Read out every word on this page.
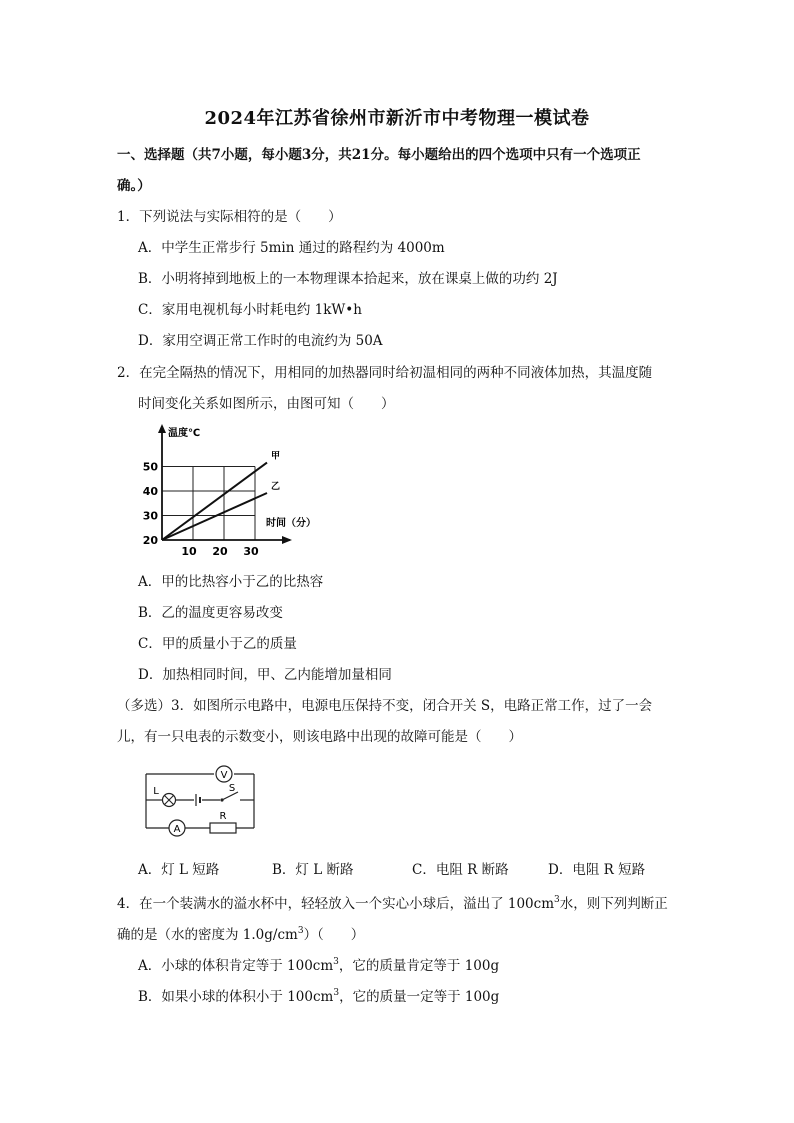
2024年江苏省徐州市新沂市中考物理一模试卷
一、选择题（共7小题，每小题3分，共21分。每小题给出的四个选项中只有一个选项正
确。）
1．下列说法与实际相符的是（　　）
A．中学生正常步行 5min 通过的路程约为 4000m
B．小明将掉到地板上的一本物理课本拾起来，放在课桌上做的功约 2J
C．家用电视机每小时耗电约 1kW•h
D．家用空调正常工作时的电流约为 50A
2．在完全隔热的情况下，用相同的加热器同时给初温相同的两种不同液体加热，其温度随
时间变化关系如图所示，由图可知（　　）
甲
乙
20
30
40
50
10 20 30
温度℃
时间（分）
A．甲的比热容小于乙的比热容
B．乙的温度更容易改变
C．甲的质量小于乙的质量
D．加热相同时间，甲、乙内能增加量相同
（多选）3．如图所示电路中，电源电压保持不变，闭合开关 S，电路正常工作，过了一会
儿，有一只电表的示数变小，则该电路中出现的故障可能是（　　）
V
L	S
A
R
A．灯 L 短路	B．灯 L 断路	C．电阻 R 断路	D．电阻 R 短路
4．在一个装满水的溢水杯中，轻轻放入一个实心小球后，溢出了 $100cm^3$水，则下列判断正
确的是（水的密度为 $1.0g/cm^3$）（　　）
A．小球的体积肯定等于 $100cm^3$，它的质量肯定等于 100g
B．如果小球的体积小于 $100cm^3$，它的质量一定等于 100g
